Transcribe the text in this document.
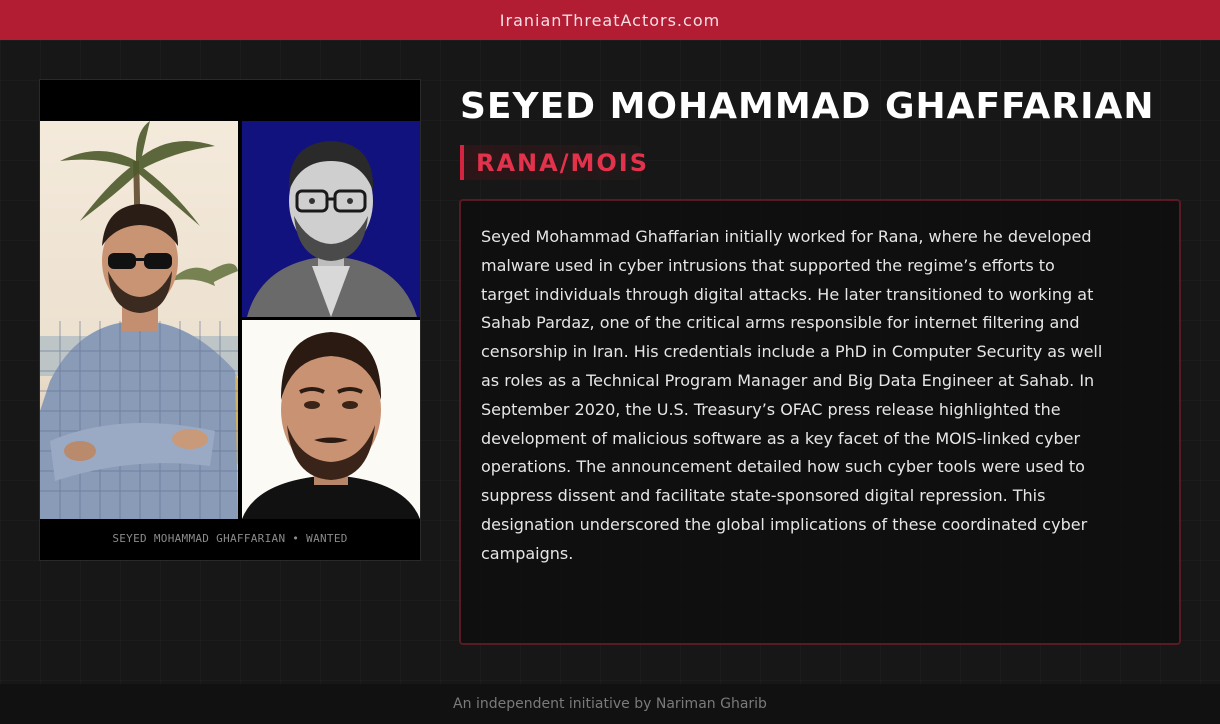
IranianThreatActors.com
SEYED MOHAMMAD GHAFFARIAN • WANTED
SEYED MOHAMMAD GHAFFARIAN
RANA/MOIS

Seyed Mohammad Ghaffarian initially worked for Rana, where he developed malware used in cyber intrusions that supported the regime’s efforts to target individuals through digital attacks. He later transitioned to working at Sahab Pardaz, one of the critical arms responsible for internet filtering and censorship in Iran. His credentials include a PhD in Computer Security as well as roles as a Technical Program Manager and Big Data Engineer at Sahab. In September 2020, the U.S. Treasury’s OFAC press release highlighted the development of malicious software as a key facet of the MOIS-linked cyber operations. The announcement detailed how such cyber tools were used to suppress dissent and facilitate state-sponsored digital repression. This designation underscored the global implications of these coordinated cyber campaigns.

An independent initiative by Nariman Gharib
